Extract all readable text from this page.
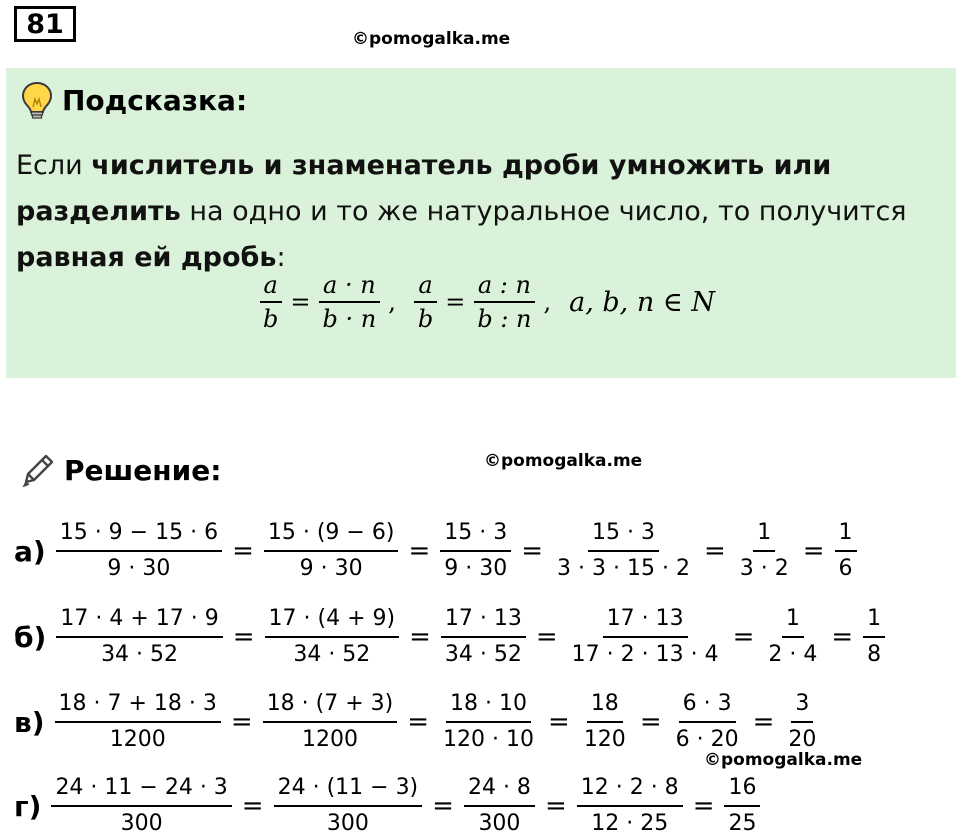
81	©pomogalka.me
Подсказка:
Если числитель и знаменатель дроби умножить или
разделить на одно и то же натуральное число, то получится
равная ей дробь:
$\frac{a}{b} = \frac{a \cdot n}{b \cdot n}$ , $\frac{a}{b} = \frac{a : n}{b : n}$ , a, b, n ∈ N
Решение:	©pomogalka.me
$а) \frac{15 \cdot 9 - 15 \cdot 6}{9 \cdot 30} = \frac{15 \cdot (9 - 6)}{9 \cdot 30} = \frac{15 \cdot 3}{9 \cdot 30} = \frac{15 \cdot 3}{3 \cdot 3 \cdot 15 \cdot 2} = \frac{1}{3 \cdot 2} = \frac{1}{6}$
$б) \frac{17 \cdot 4 + 17 \cdot 9}{34 \cdot 52} = \frac{17 \cdot (4 + 9)}{34 \cdot 52} = \frac{17 \cdot 13}{34 \cdot 52} = \frac{17 \cdot 13}{17 \cdot 2 \cdot 13 \cdot 4} = \frac{1}{2 \cdot 4} = \frac{1}{8}$
$в) \frac{18 \cdot 7 + 18 \cdot 3}{1200} = \frac{18 \cdot (7 + 3)}{1200} = \frac{18 \cdot 10}{120 \cdot 10} = \frac{18}{120} = \frac{6 \cdot 3}{6 \cdot 20} = \frac{3}{20}$
$г) \frac{24 \cdot 11 - 24 \cdot 3}{300} = \frac{24 \cdot (11 - 3)}{300} = \frac{24 \cdot 8}{300} = \frac{12 \cdot 2 \cdot 8}{12 \cdot 25} = \frac{16}{25}$
©pomogalka.me
